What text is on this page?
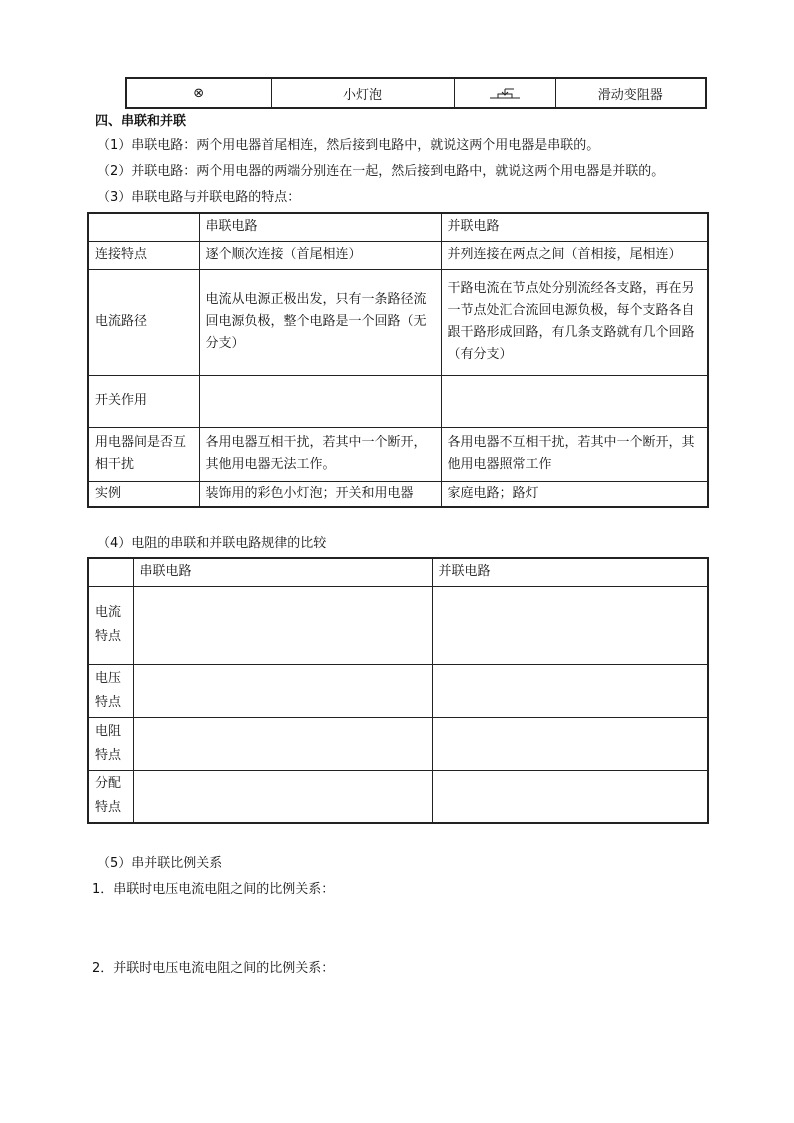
⊗	小灯泡		滑动变阻器
四、串联和并联
（1）串联电路：两个用电器首尾相连，然后接到电路中，就说这两个用电器是串联的。
（2）并联电路：两个用电器的两端分别连在一起，然后接到电路中，就说这两个用电器是并联的。
（3）串联电路与并联电路的特点：
	串联电路	并联电路
连接特点	逐个顺次连接（首尾相连）	并列连接在两点之间（首相接，尾相连）
电流路径	电流从电源正极出发，只有一条路径流回电源负极，整个电路是一个回路（无分支）	干路电流在节点处分别流经各支路，再在另一节点处汇合流回电源负极，每个支路各自跟干路形成回路，有几条支路就有几个回路（有分支）
开关作用		
用电器间是否互相干扰	各用电器互相干扰，若其中一个断开，其他用电器无法工作。	各用电器不互相干扰，若其中一个断开，其他用电器照常工作
实例	装饰用的彩色小灯泡；开关和用电器	家庭电路；路灯
（4）电阻的串联和并联电路规律的比较
	串联电路	并联电路
电流特点		
电压特点		
电阻特点		
分配特点		
（5）串并联比例关系
1．串联时电压电流电阻之间的比例关系：
2．并联时电压电流电阻之间的比例关系：
